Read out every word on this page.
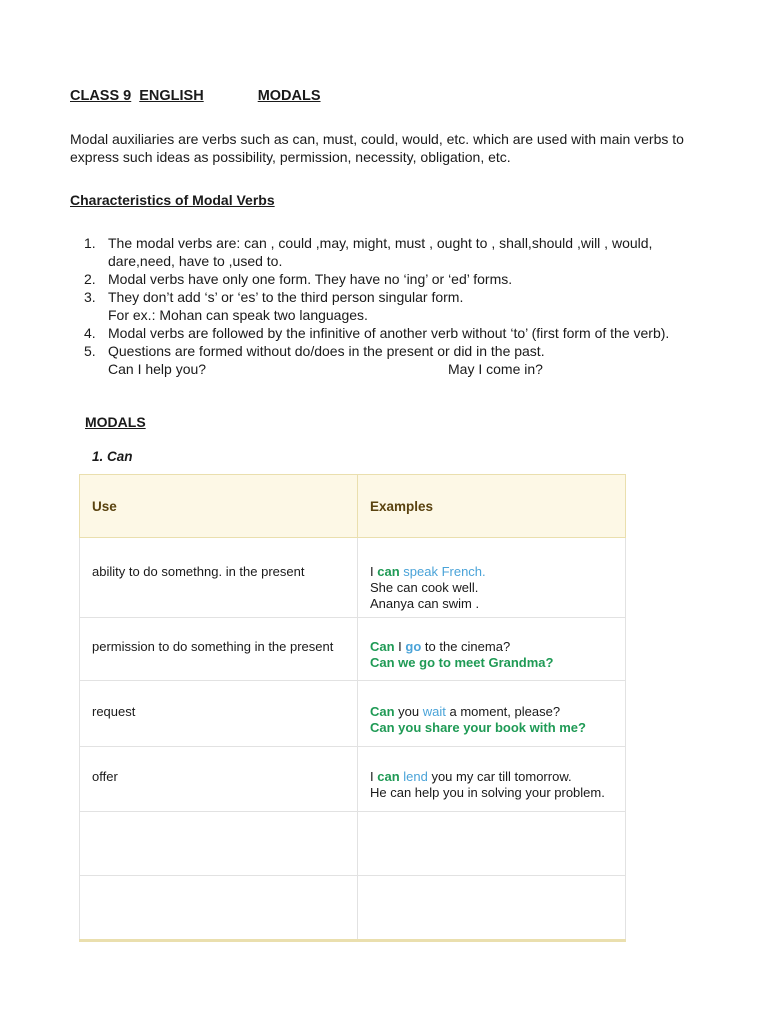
CLASS 9 ENGLISH	MODALS
Modal auxiliaries are verbs such as can, must, could, would, etc. which are used with main verbs to express such ideas as possibility, permission, necessity, obligation, etc.
Characteristics of Modal Verbs
1. The modal verbs are: can , could ,may, might, must , ought to , shall,should ,will , would, dare,need, have to ,used to.
2. Modal verbs have only one form. They have no ‘ing’ or ‘ed’ forms.
3. They don’t add ‘s’ or ‘es’ to the third person singular form.
For ex.: Mohan can speak two languages.
4. Modal verbs are followed by the infinitive of another verb without ‘to’ (first form of the verb).
5. Questions are formed without do/does in the present or did in the past.
Can I help you?	May I come in?
MODALS
1. Can
Use	Examples
ability to do somethng. in the present	I can speak French.
She can cook well.
Ananya can swim .

permission to do something in the present	Can I go to the cinema?
Can we go to meet Grandma?

request	Can you wait a moment, please?
Can you share your book with me?

offer	I can lend you my car till tomorrow.
He can help you in solving your problem.
